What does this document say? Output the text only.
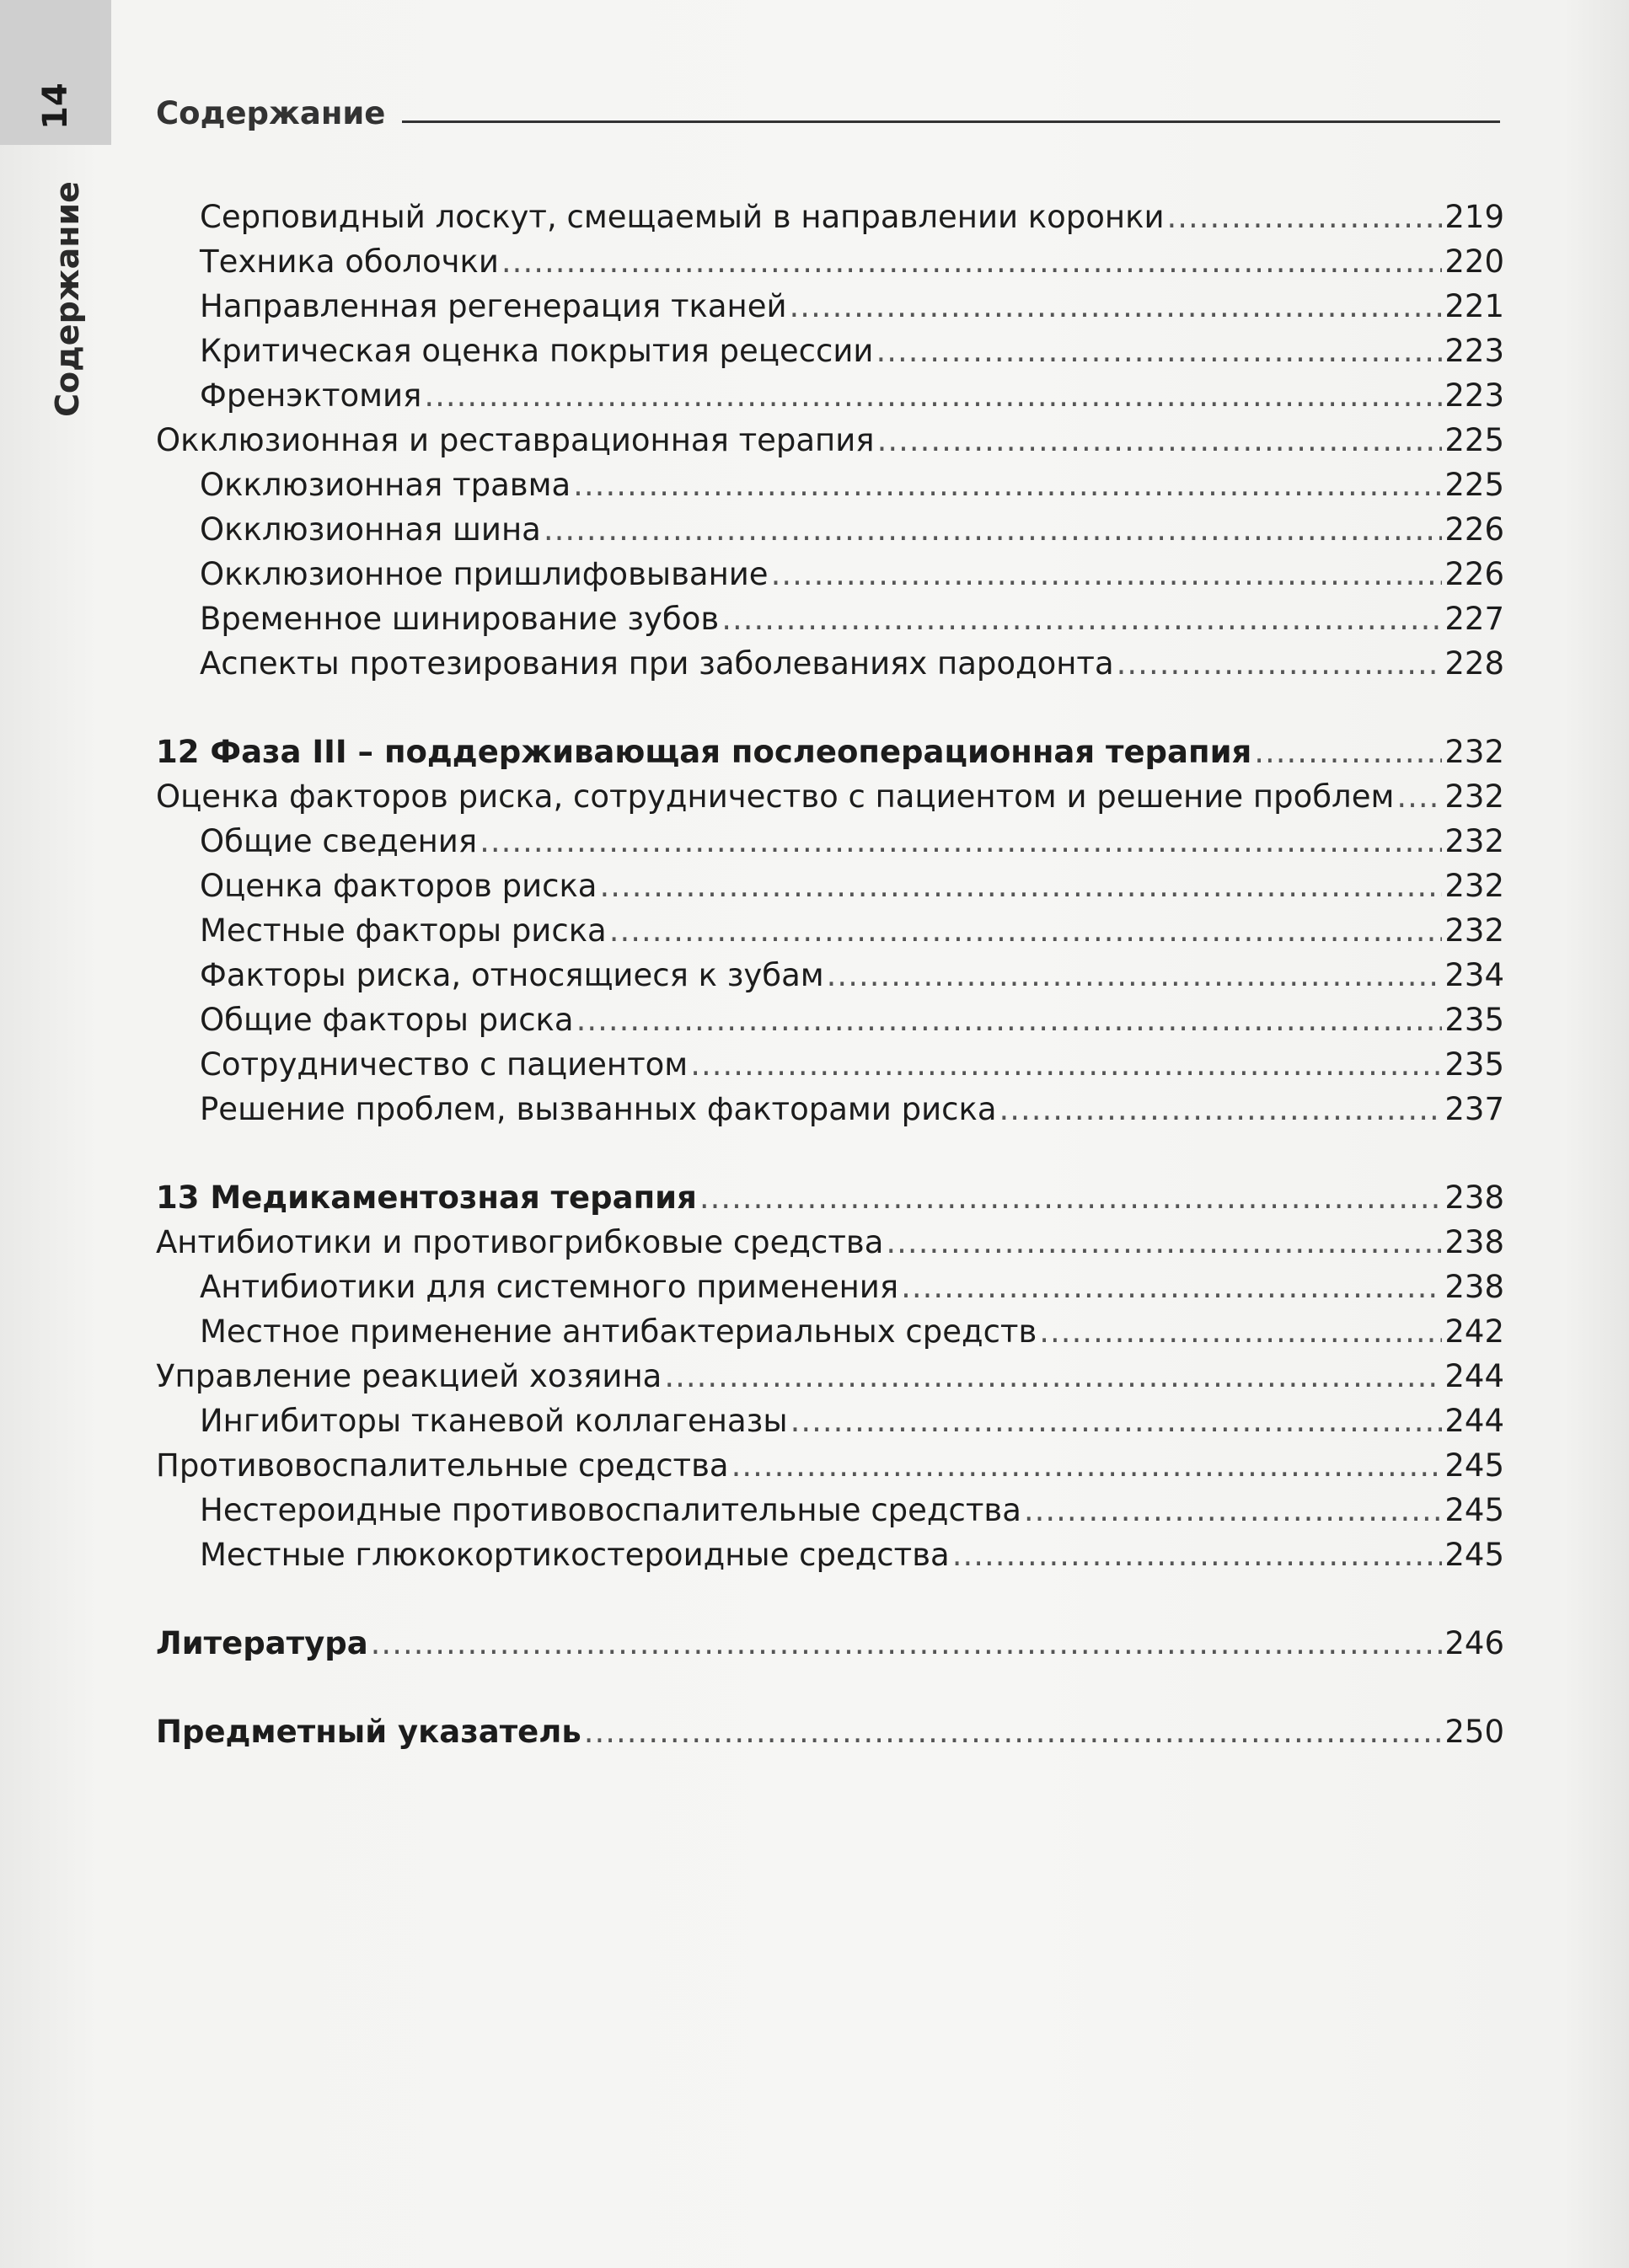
14
Содержание
Содержание
Серповидный лоскут, смещаемый в направлении коронки .....	219
Техника оболочки .....	220
Направленная регенерация тканей .....	221
Критическая оценка покрытия рецессии .....	223
Френэктомия .....	223
Окклюзионная и реставрационная терапия .....	225
Окклюзионная травма .....	225
Окклюзионная шина .....	226
Окклюзионное пришлифовывание .....	226
Временное шинирование зубов .....	227
Аспекты протезирования при заболеваниях пародонта .....	228
12 Фаза III – поддерживающая послеоперационная терапия .....	232
Оценка факторов риска, сотрудничество с пациентом и решение проблем ..... 232
Общие сведения .....	232
Оценка факторов риска .....	232
Местные факторы риска .....	232
Факторы риска, относящиеся к зубам .....	234
Общие факторы риска .....	235
Сотрудничество с пациентом .....	235
Решение проблем, вызванных факторами риска .....	237
13 Медикаментозная терапия .....	238
Антибиотики и противогрибковые средства .....	238
Антибиотики для системного применения .....	238
Местное применение антибактериальных средств .....	242
Управление реакцией хозяина .....	244
Ингибиторы тканевой коллагеназы .....	244
Противовоспалительные средства .....	245
Нестероидные противовоспалительные средства .....	245
Местные глюкокортикостероидные средства .....	245
Литература .....	246
Предметный указатель .....	250
